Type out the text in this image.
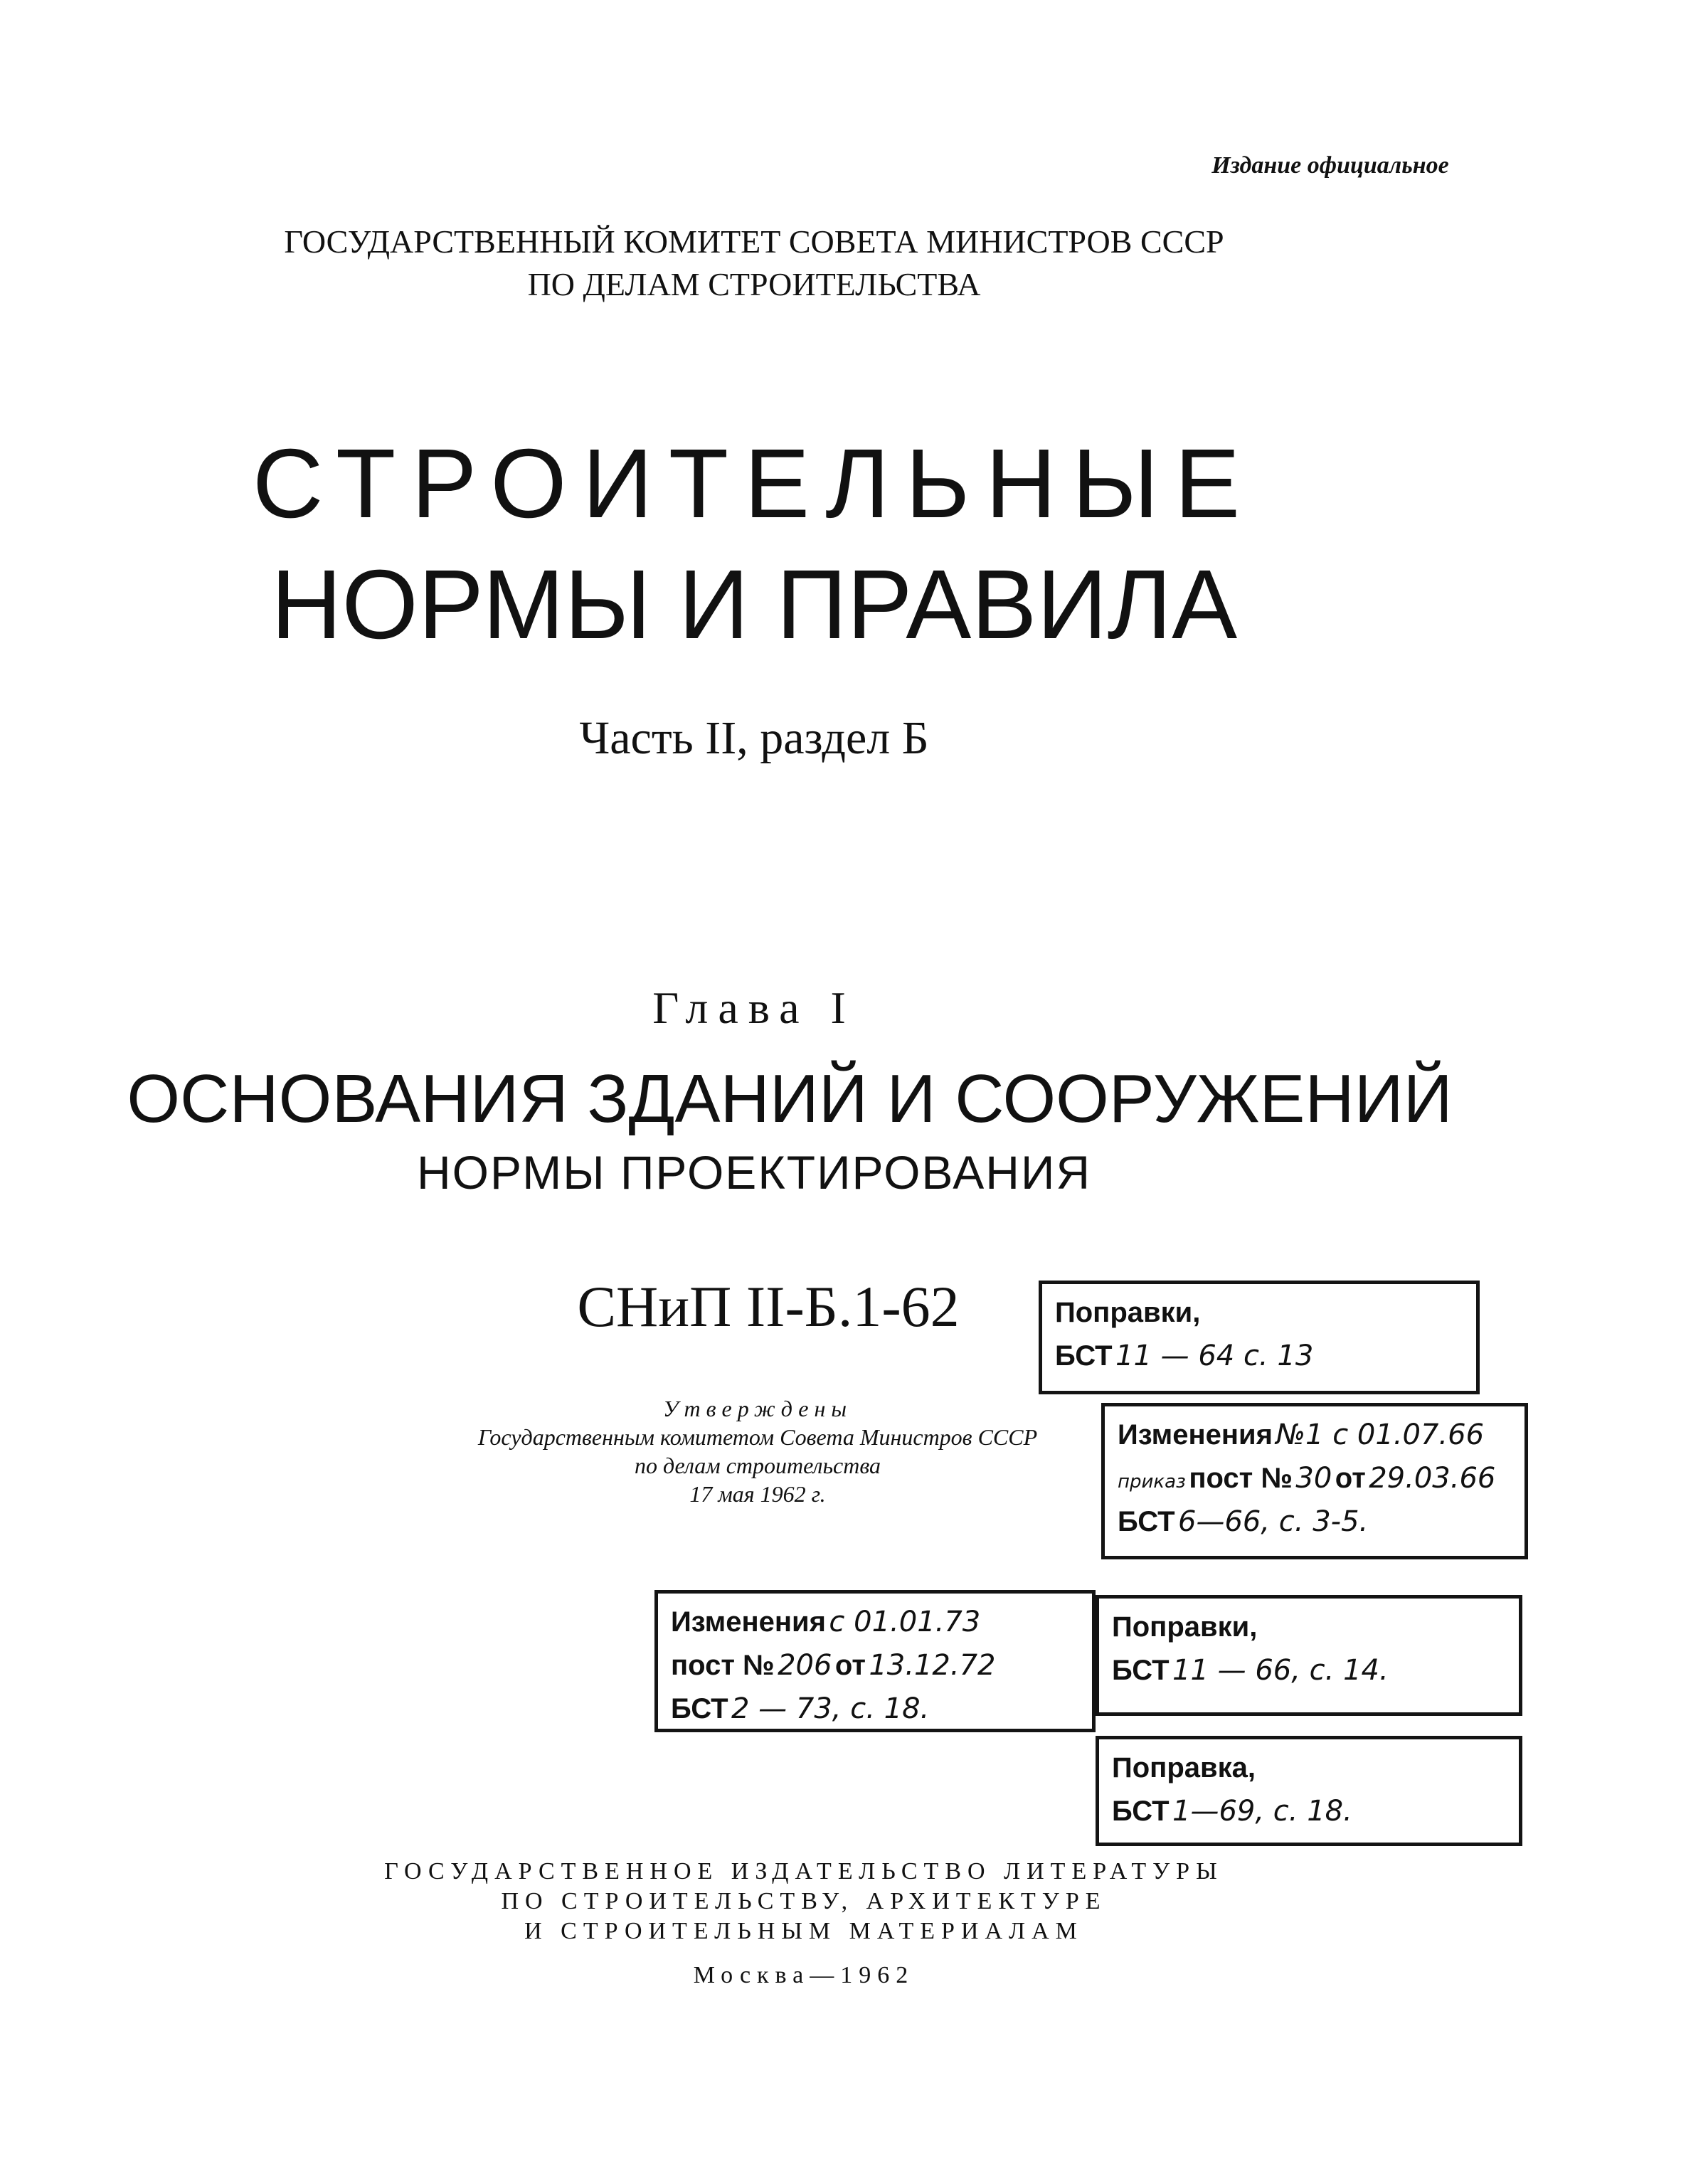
Издание официальное
ГОСУДАРСТВЕННЫЙ КОМИТЕТ СОВЕТА МИНИСТРОВ СССР
ПО ДЕЛАМ СТРОИТЕЛЬСТВА
СТРОИТЕЛЬНЫЕ
НОРМЫ И ПРАВИЛА
Часть II, раздел Б
Глава I
ОСНОВАНИЯ ЗДАНИЙ И СООРУЖЕНИЙ
НОРМЫ ПРОЕКТИРОВАНИЯ
СНиП II-Б.1-62
Утверждены
Государственным комитетом Совета Министров СССР
по делам строительства
17 мая 1962 г.
Поправки,
БСТ 11 — 64 с. 13
Изменения №1 с 01.07.66
приказ пост № 30 от 29.03.66
БСТ 6—66, с. 3-5.
Изменения с 01.01.73
пост № 206 от 13.12.72
БСТ 2 — 73, с. 18.
Поправки,
БСТ 11 — 66, с. 14.
Поправка,
БСТ 1—69, с. 18.
ГОСУДАРСТВЕННОЕ ИЗДАТЕЛЬСТВО ЛИТЕРАТУРЫ
ПО СТРОИТЕЛЬСТВУ, АРХИТЕКТУРЕ
И СТРОИТЕЛЬНЫМ МАТЕРИАЛАМ
Москва—1962
